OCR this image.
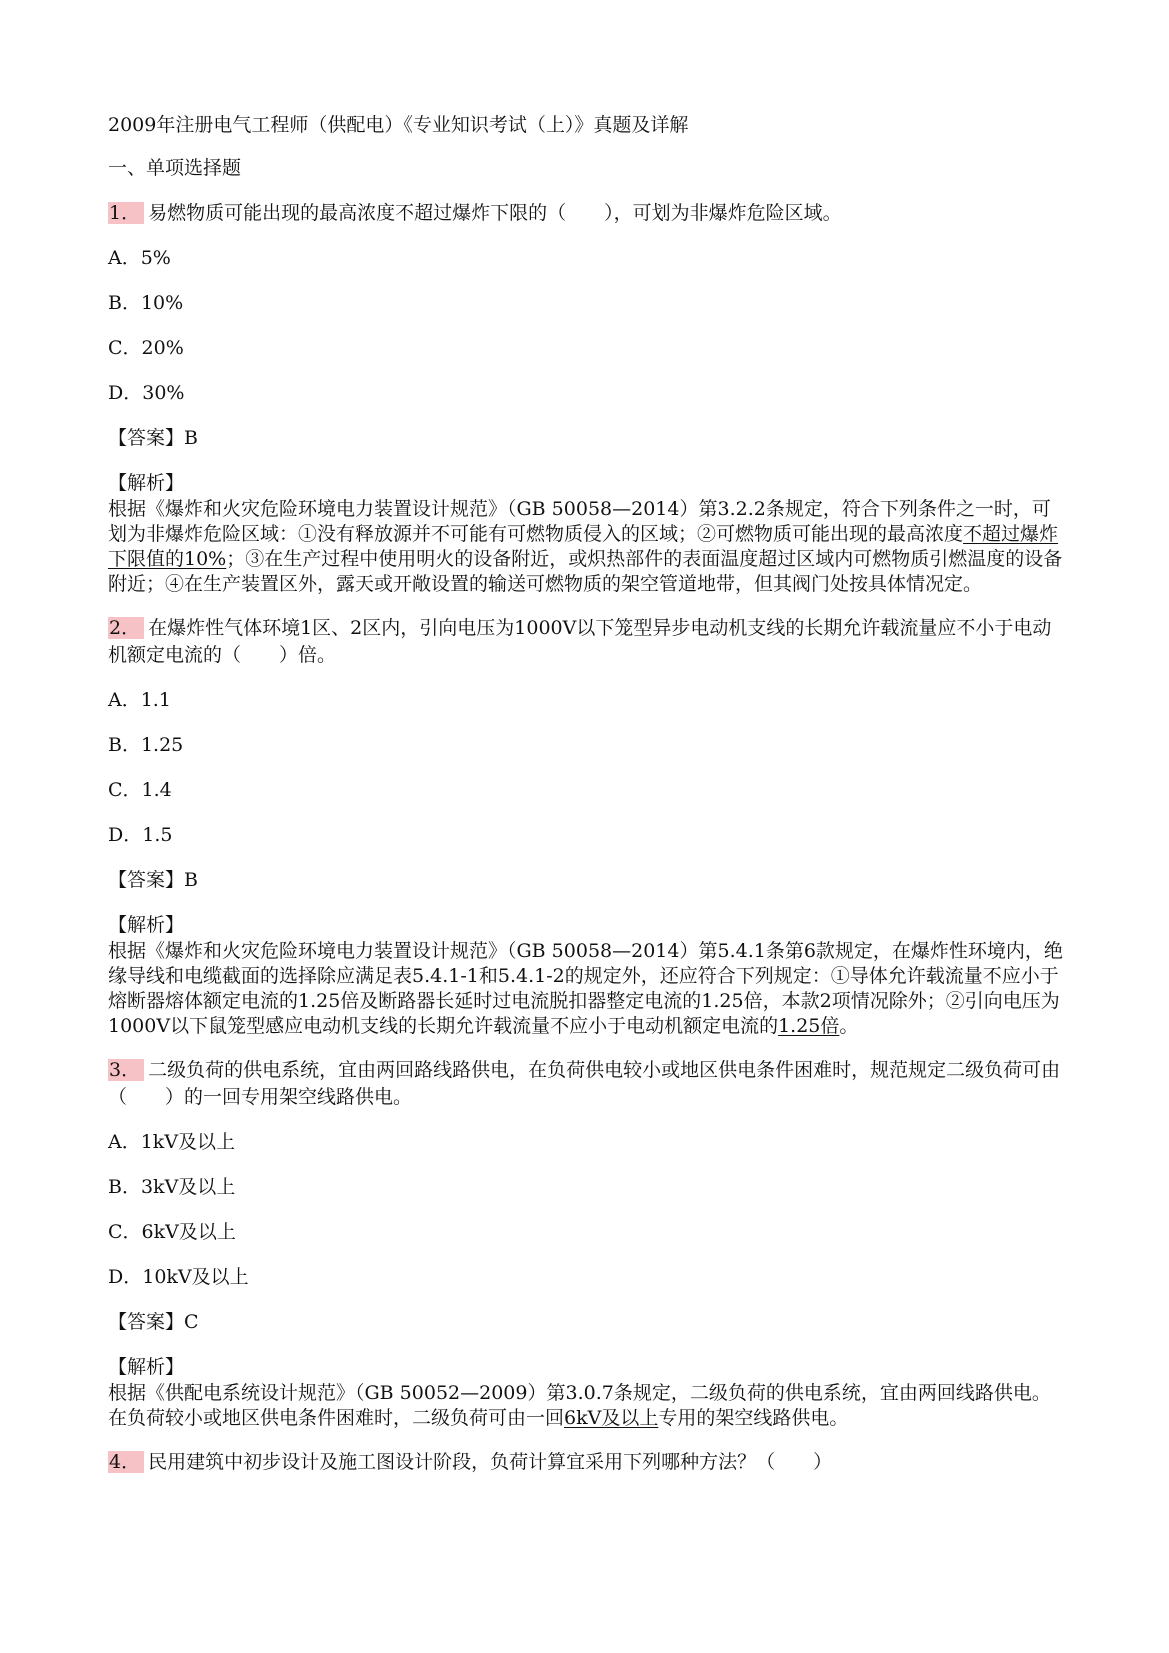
2009年注册电气工程师（供配电）《专业知识考试（上）》真题及详解
一、单项选择题
1． 易燃物质可能出现的最高浓度不超过爆炸下限的（　　），可划为非爆炸危险区域。
A．5%
B．10%
C．20%
D．30%
【答案】B
【解析】
根据《爆炸和火灾危险环境电力装置设计规范》（GB 50058—2014）第3.2.2条规定，符合下列条件之一时，可划为非爆炸危险区域：①没有释放源并不可能有可燃物质侵入的区域；②可燃物质可能出现的最高浓度不超过爆炸下限值的10%；③在生产过程中使用明火的设备附近，或炽热部件的表面温度超过区域内可燃物质引燃温度的设备附近；④在生产装置区外，露天或开敞设置的输送可燃物质的架空管道地带，但其阀门处按具体情况定。
2． 在爆炸性气体环境1区、2区内，引向电压为1000V以下笼型异步电动机支线的长期允许载流量应不小于电动机额定电流的（　　）倍。
A．1.1
B．1.25
C．1.4
D．1.5
【答案】B
【解析】
根据《爆炸和火灾危险环境电力装置设计规范》（GB 50058—2014）第5.4.1条第6款规定，在爆炸性环境内，绝缘导线和电缆截面的选择除应满足表5.4.1-1和5.4.1-2的规定外，还应符合下列规定：①导体允许载流量不应小于熔断器熔体额定电流的1.25倍及断路器长延时过电流脱扣器整定电流的1.25倍，本款2项情况除外；②引向电压为1000V以下鼠笼型感应电动机支线的长期允许载流量不应小于电动机额定电流的1.25倍。
3． 二级负荷的供电系统，宜由两回路线路供电，在负荷供电较小或地区供电条件困难时，规范规定二级负荷可由（　　）的一回专用架空线路供电。
A．1kV及以上
B．3kV及以上
C．6kV及以上
D．10kV及以上
【答案】C
【解析】
根据《供配电系统设计规范》（GB 50052—2009）第3.0.7条规定，二级负荷的供电系统，宜由两回线路供电。在负荷较小或地区供电条件困难时，二级负荷可由一回6kV及以上专用的架空线路供电。
4． 民用建筑中初步设计及施工图设计阶段，负荷计算宜采用下列哪种方法？（　　）
